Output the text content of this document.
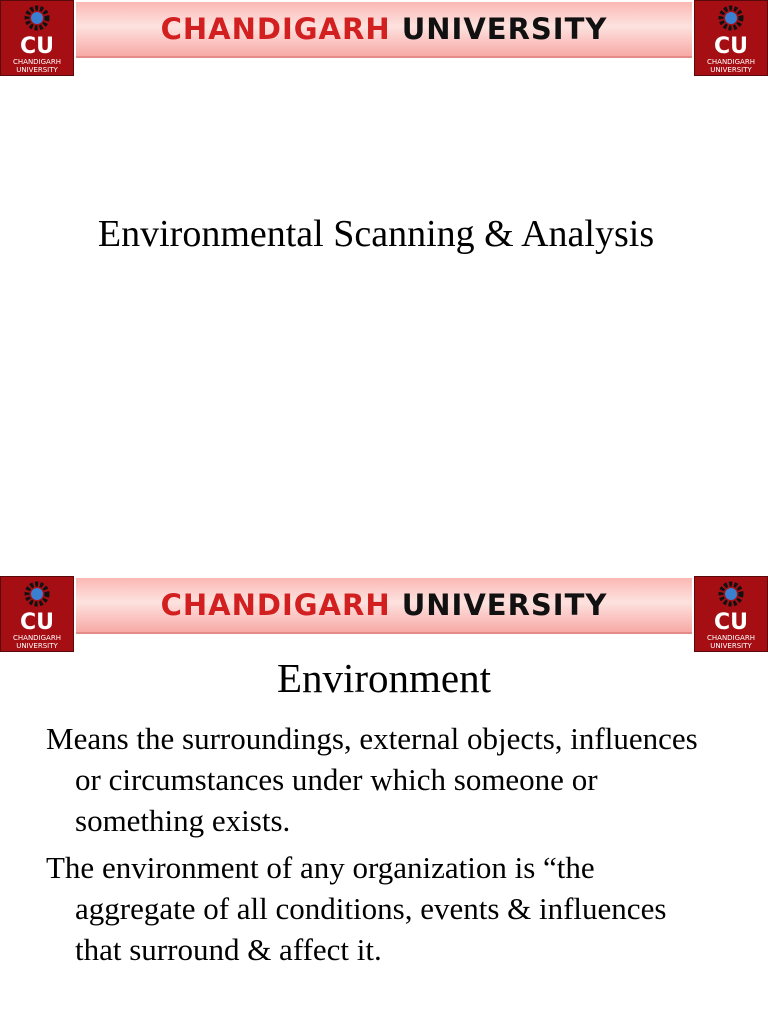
CU
CHANDIGARH
UNIVERSITY
CHANDIGARH UNIVERSITY
CU
CHANDIGARH
UNIVERSITY
Environmental Scanning & Analysis
CU
CHANDIGARH
UNIVERSITY
CHANDIGARH UNIVERSITY
CU
CHANDIGARH
UNIVERSITY
Environment
Means the surroundings, external objects, influences or circumstances under which someone or something exists.
The environment of any organization is “the aggregate of all conditions, events & influences that surround & affect it.
